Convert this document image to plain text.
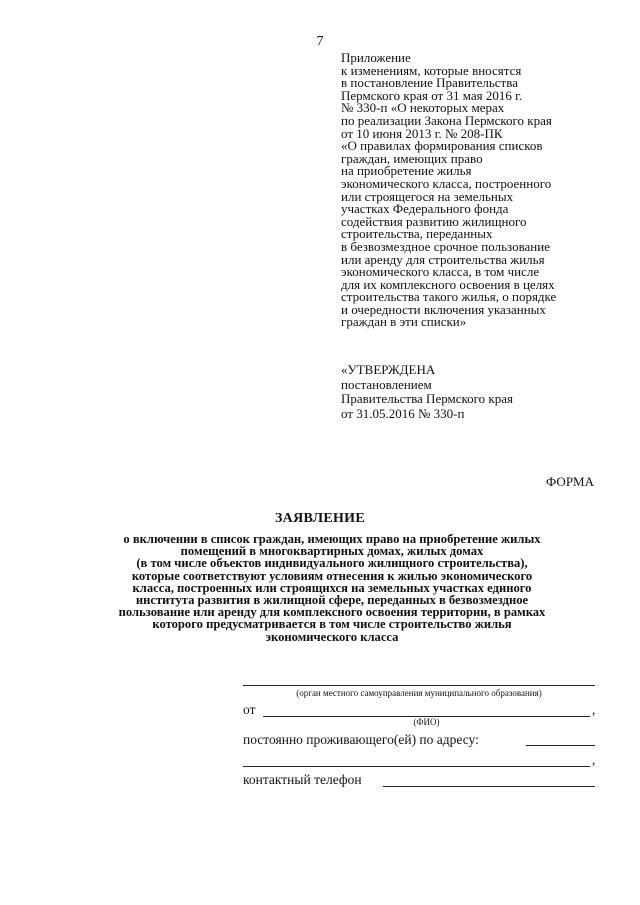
7
Приложение
к изменениям, которые вносятся
в постановление Правительства
Пермского края от 31 мая 2016 г.
№ 330-п «О некоторых мерах
по реализации Закона Пермского края
от 10 июня 2013 г. № 208-ПК
«О правилах формирования списков
граждан, имеющих право
на приобретение жилья
экономического класса, построенного
или строящегося на земельных
участках Федерального фонда
содействия развитию жилищного
строительства, переданных
в безвозмездное срочное пользование
или аренду для строительства жилья
экономического класса, в том числе
для их комплексного освоения в целях
строительства такого жилья, о порядке
и очередности включения указанных
граждан в эти списки»
«УТВЕРЖДЕНА
постановлением
Правительства Пермского края
от 31.05.2016 № 330-п
ФОРМА
ЗАЯВЛЕНИЕ
о включении в список граждан, имеющих право на приобретение жилых
помещений в многоквартирных домах, жилых домах
(в том числе объектов индивидуального жилищного строительства),
которые соответствуют условиям отнесения к жилью экономического
класса, построенных или строящихся на земельных участках единого
института развития в жилищной сфере, переданных в безвозмездное
пользование или аренду для комплексного освоения территории, в рамках
которого предусматривается в том числе строительство жилья
экономического класса
(орган местного самоуправления муниципального образования)
от	,
(ФИО)
постоянно проживающего(ей) по адресу:
,
контактный телефон
